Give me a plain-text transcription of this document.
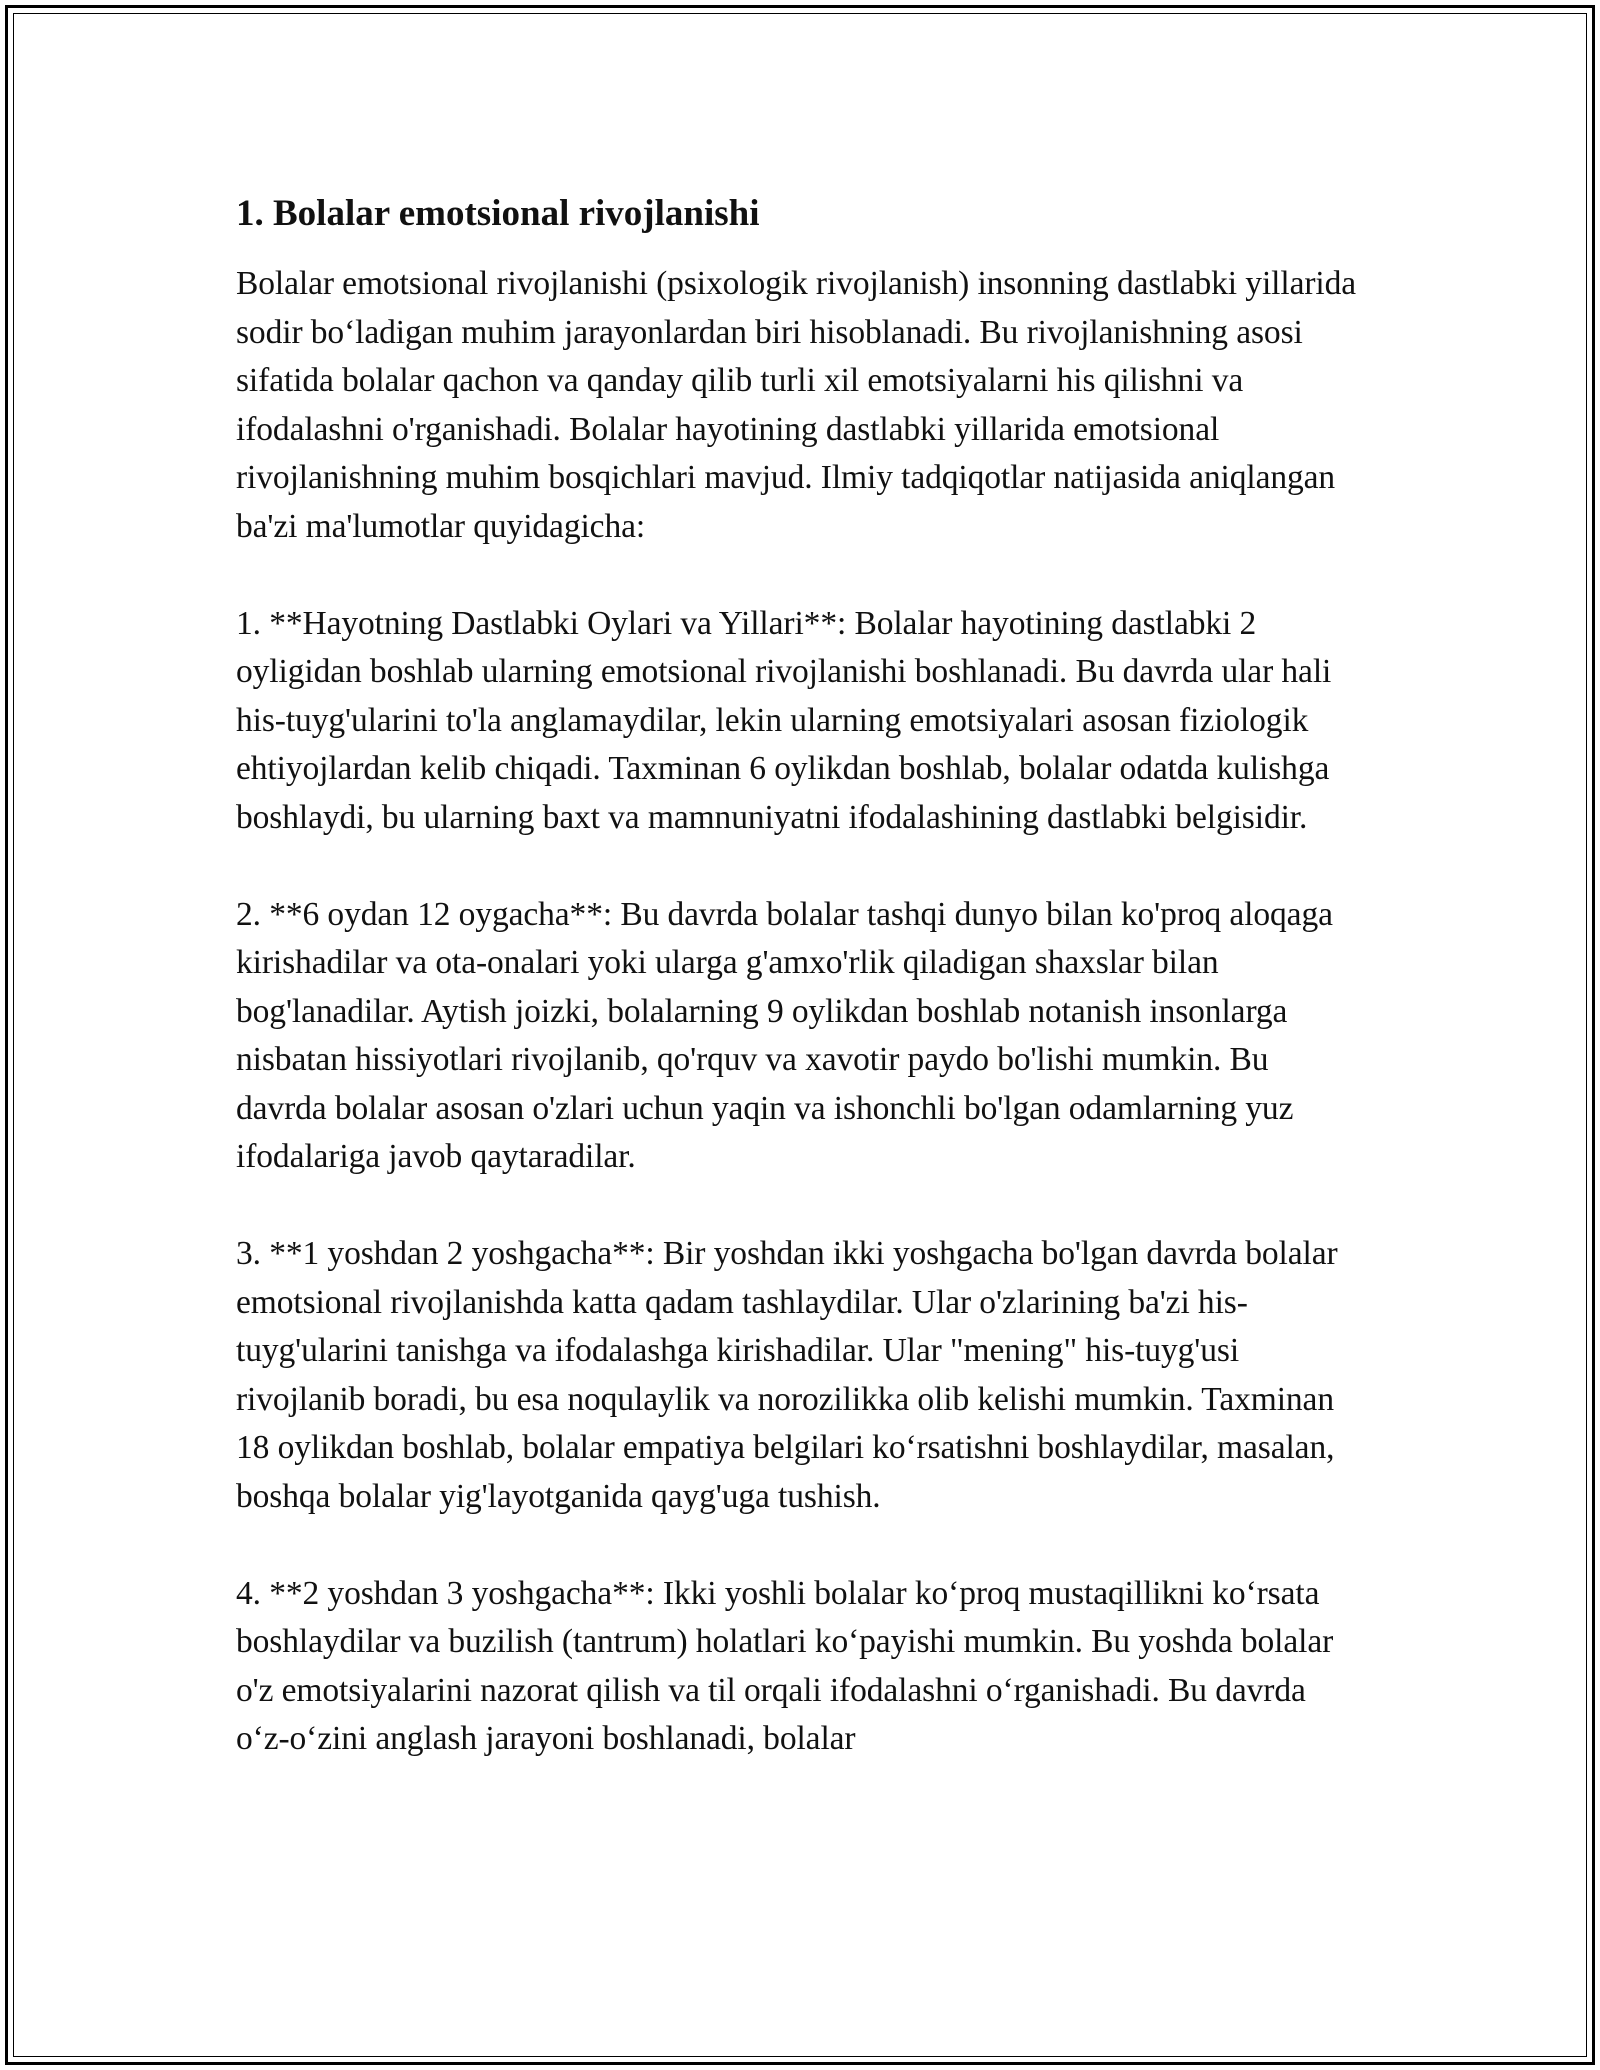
1. Bolalar emotsional rivojlanishi

Bolalar emotsional rivojlanishi (psixologik rivojlanish) insonning dastlabki yillarida sodir bo‘ladigan muhim jarayonlardan biri hisoblanadi. Bu rivojlanishning asosi sifatida bolalar qachon va qanday qilib turli xil emotsiyalarni his qilishni va ifodalashni o'rganishadi. Bolalar hayotining dastlabki yillarida emotsional rivojlanishning muhim bosqichlari mavjud. Ilmiy tadqiqotlar natijasida aniqlangan ba'zi ma'lumotlar quyidagicha:

1. **Hayotning Dastlabki Oylari va Yillari**: Bolalar hayotining dastlabki 2 oyligidan boshlab ularning emotsional rivojlanishi boshlanadi. Bu davrda ular hali his-tuyg'ularini to'la anglamaydilar, lekin ularning emotsiyalari asosan fiziologik ehtiyojlardan kelib chiqadi. Taxminan 6 oylikdan boshlab, bolalar odatda kulishga boshlaydi, bu ularning baxt va mamnuniyatni ifodalashining dastlabki belgisidir.

2. **6 oydan 12 oygacha**: Bu davrda bolalar tashqi dunyo bilan ko'proq aloqaga kirishadilar va ota-onalari yoki ularga g'amxo'rlik qiladigan shaxslar bilan bog'lanadilar. Aytish joizki, bolalarning 9 oylikdan boshlab notanish insonlarga nisbatan hissiyotlari rivojlanib, qo'rquv va xavotir paydo bo'lishi mumkin. Bu davrda bolalar asosan o'zlari uchun yaqin va ishonchli bo'lgan odamlarning yuz ifodalariga javob qaytaradilar.

3. **1 yoshdan 2 yoshgacha**: Bir yoshdan ikki yoshgacha bo'lgan davrda bolalar emotsional rivojlanishda katta qadam tashlaydilar. Ular o'zlarining ba'zi his-tuyg'ularini tanishga va ifodalashga kirishadilar. Ular "mening" his-tuyg'usi rivojlanib boradi, bu esa noqulaylik va norozilikka olib kelishi mumkin. Taxminan 18 oylikdan boshlab, bolalar empatiya belgilari ko‘rsatishni boshlaydilar, masalan, boshqa bolalar yig'layotganida qayg'uga tushish.

4. **2 yoshdan 3 yoshgacha**: Ikki yoshli bolalar ko‘proq mustaqillikni ko‘rsata boshlaydilar va buzilish (tantrum) holatlari ko‘payishi mumkin. Bu yoshda bolalar o'z emotsiyalarini nazorat qilish va til orqali ifodalashni o‘rganishadi. Bu davrda o‘z-o‘zini anglash jarayoni boshlanadi, bolalar
